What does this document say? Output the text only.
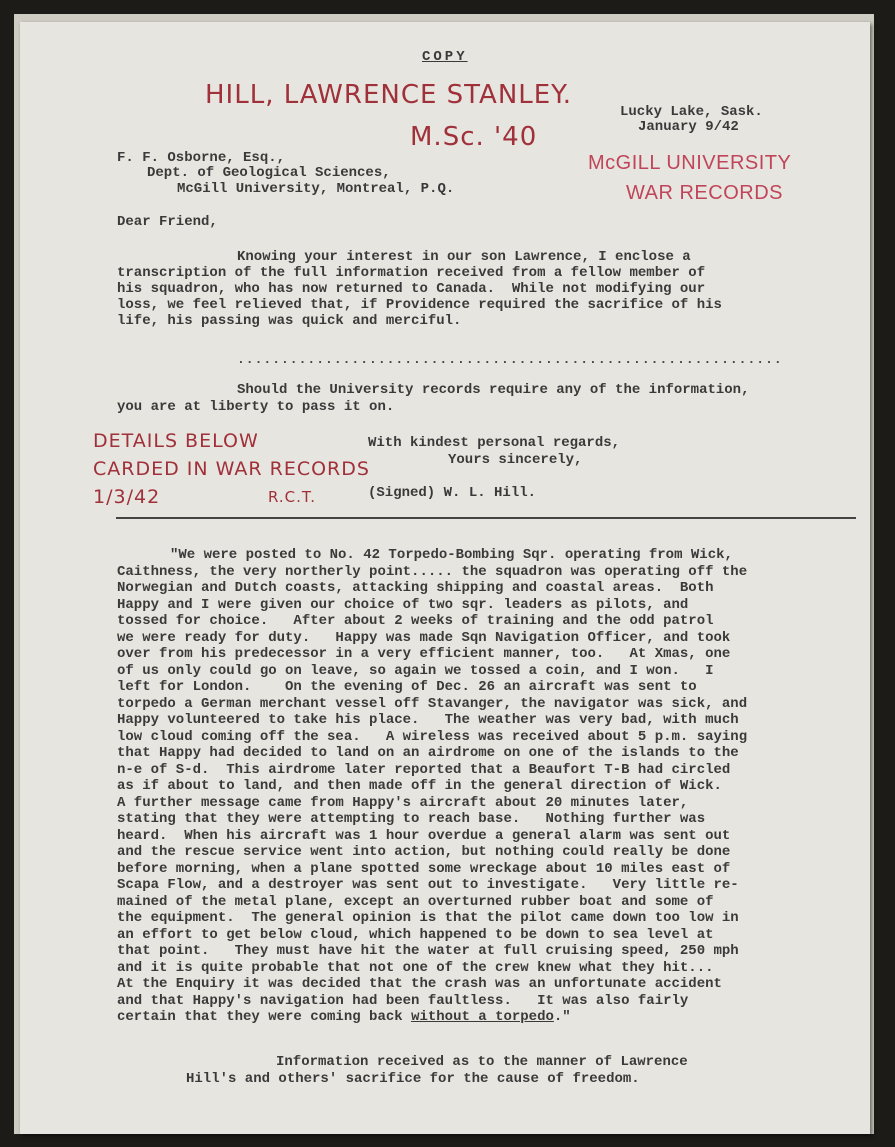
COPY
HILL, LAWRENCE STANLEY.
M.Sc. '40
Lucky Lake, Sask.
January 9/42
McGILL UNIVERSITY
WAR RECORDS
F. F. Osborne, Esq.,
Dept. of Geological Sciences,
McGill University, Montreal, P.Q.
Dear Friend,
Knowing your interest in our son Lawrence, I enclose a
transcription of the full information received from a fellow member of
his squadron, who has now returned to Canada.  While not modifying our
loss, we feel relieved that, if Providence required the sacrifice of his
life, his passing was quick and merciful.
..............................................................
Should the University records require any of the information,
you are at liberty to pass it on.
DETAILS BELOW
CARDED IN WAR RECORDS
1/3/42	R.C.T.
With kindest personal regards,
Yours sincerely,
(Signed) W. L. Hill.
"We were posted to No. 42 Torpedo-Bombing Sqr. operating from Wick,
Caithness, the very northerly point..... the squadron was operating off the
Norwegian and Dutch coasts, attacking shipping and coastal areas.  Both
Happy and I were given our choice of two sqr. leaders as pilots, and
tossed for choice.   After about 2 weeks of training and the odd patrol
we were ready for duty.   Happy was made Sqn Navigation Officer, and took
over from his predecessor in a very efficient manner, too.   At Xmas, one
of us only could go on leave, so again we tossed a coin, and I won.   I
left for London.    On the evening of Dec. 26 an aircraft was sent to
torpedo a German merchant vessel off Stavanger, the navigator was sick, and
Happy volunteered to take his place.   The weather was very bad, with much
low cloud coming off the sea.   A wireless was received about 5 p.m. saying
that Happy had decided to land on an airdrome on one of the islands to the
n-e of S-d.  This airdrome later reported that a Beaufort T-B had circled
as if about to land, and then made off in the general direction of Wick.
A further message came from Happy's aircraft about 20 minutes later,
stating that they were attempting to reach base.   Nothing further was
heard.  When his aircraft was 1 hour overdue a general alarm was sent out
and the rescue service went into action, but nothing could really be done
before morning, when a plane spotted some wreckage about 10 miles east of
Scapa Flow, and a destroyer was sent out to investigate.   Very little re-
mained of the metal plane, except an overturned rubber boat and some of
the equipment.  The general opinion is that the pilot came down too low in
an effort to get below cloud, which happened to be down to sea level at
that point.   They must have hit the water at full cruising speed, 250 mph
and it is quite probable that not one of the crew knew what they hit...
At the Enquiry it was decided that the crash was an unfortunate accident
and that Happy's navigation had been faultless.   It was also fairly
certain that they were coming back without a torpedo."
Information received as to the manner of Lawrence
Hill's and others' sacrifice for the cause of freedom.
